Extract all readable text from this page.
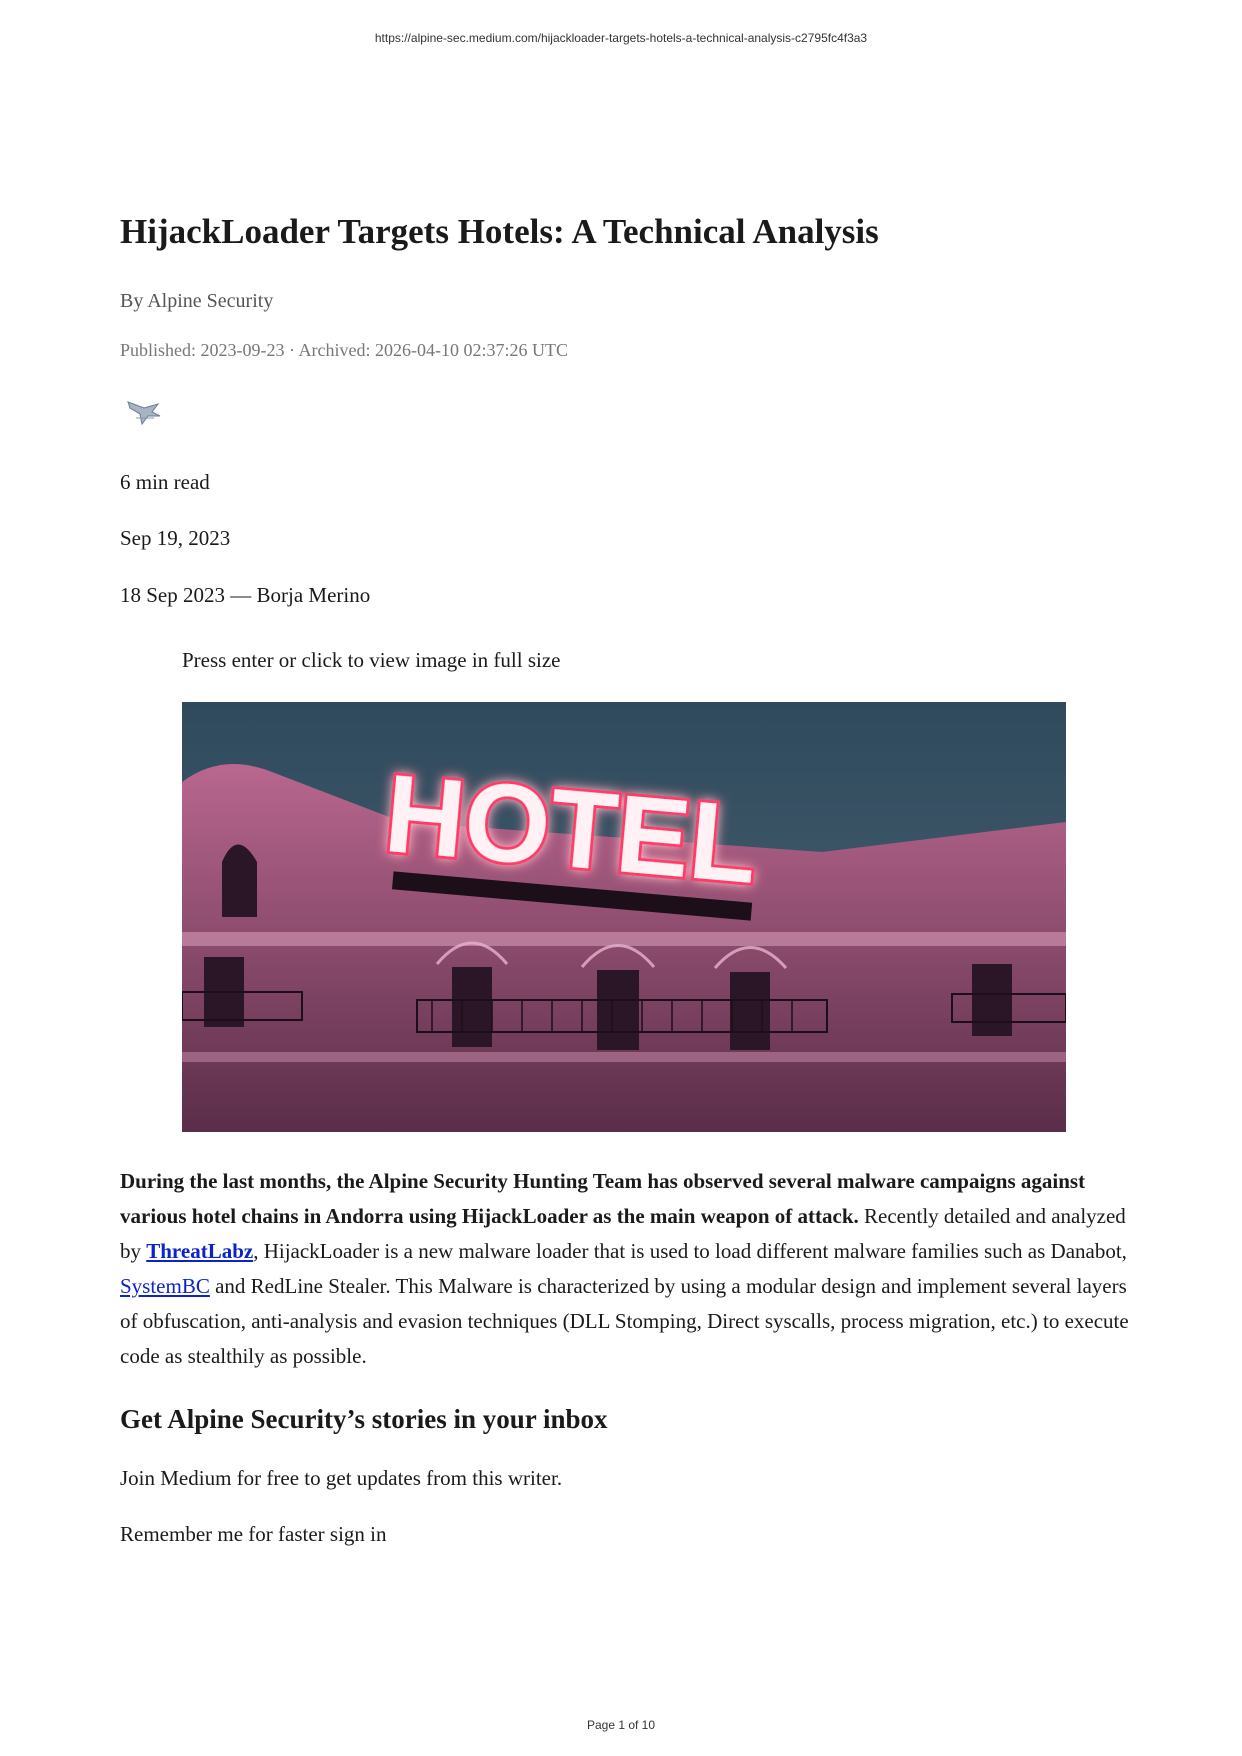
https://alpine-sec.medium.com/hijackloader-targets-hotels-a-technical-analysis-c2795fc4f3a3
HijackLoader Targets Hotels: A Technical Analysis
By Alpine Security
Published: 2023-09-23 · Archived: 2026-04-10 02:37:26 UTC
6 min read
Sep 19, 2023
18 Sep 2023 — Borja Merino
Press enter or click to view image in full size
HOTEL

During the last months, the Alpine Security Hunting Team has observed several malware campaigns against various hotel chains in Andorra using HijackLoader as the main weapon of attack. Recently detailed and analyzed by ThreatLabz, HijackLoader is a new malware loader that is used to load different malware families such as Danabot, SystemBC and RedLine Stealer. This Malware is characterized by using a modular design and implement several layers of obfuscation, anti-analysis and evasion techniques (DLL Stomping, Direct syscalls, process migration, etc.) to execute code as stealthily as possible.

Get Alpine Security’s stories in your inbox

Join Medium for free to get updates from this writer.

Remember me for faster sign in

Page 1 of 10
